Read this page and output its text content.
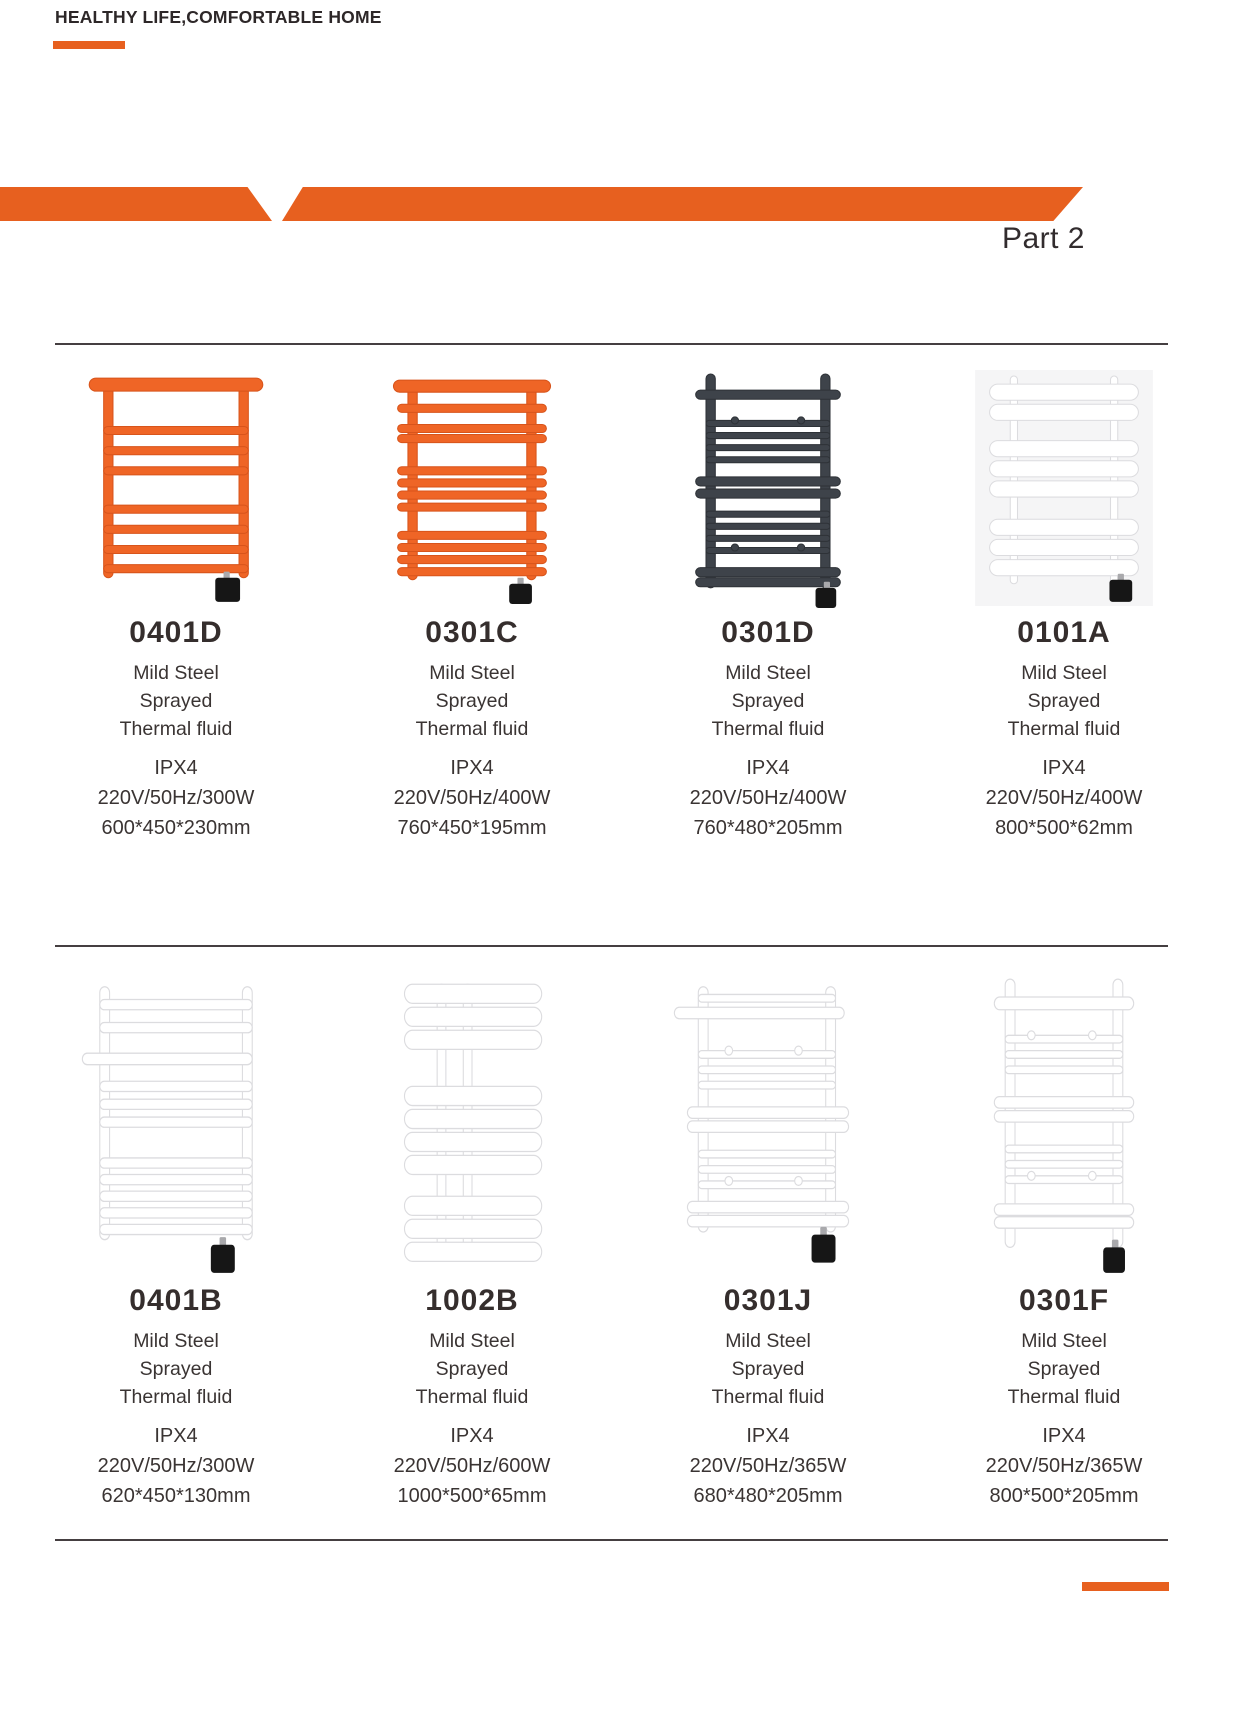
HEALTHY LIFE,COMFORTABLE HOME
Part 2
0401D
Mild Steel
Sprayed
Thermal fluid
IPX4
220V/50Hz/300W
600*450*230mm
0301C
Mild Steel
Sprayed
Thermal fluid
IPX4
220V/50Hz/400W
760*450*195mm
0301D
Mild Steel
Sprayed
Thermal fluid
IPX4
220V/50Hz/400W
760*480*205mm
0101A
Mild Steel
Sprayed
Thermal fluid
IPX4
220V/50Hz/400W
800*500*62mm
0401B
Mild Steel
Sprayed
Thermal fluid
IPX4
220V/50Hz/300W
620*450*130mm
1002B
Mild Steel
Sprayed
Thermal fluid
IPX4
220V/50Hz/600W
1000*500*65mm
0301J
Mild Steel
Sprayed
Thermal fluid
IPX4
220V/50Hz/365W
680*480*205mm
0301F
Mild Steel
Sprayed
Thermal fluid
IPX4
220V/50Hz/365W
800*500*205mm
